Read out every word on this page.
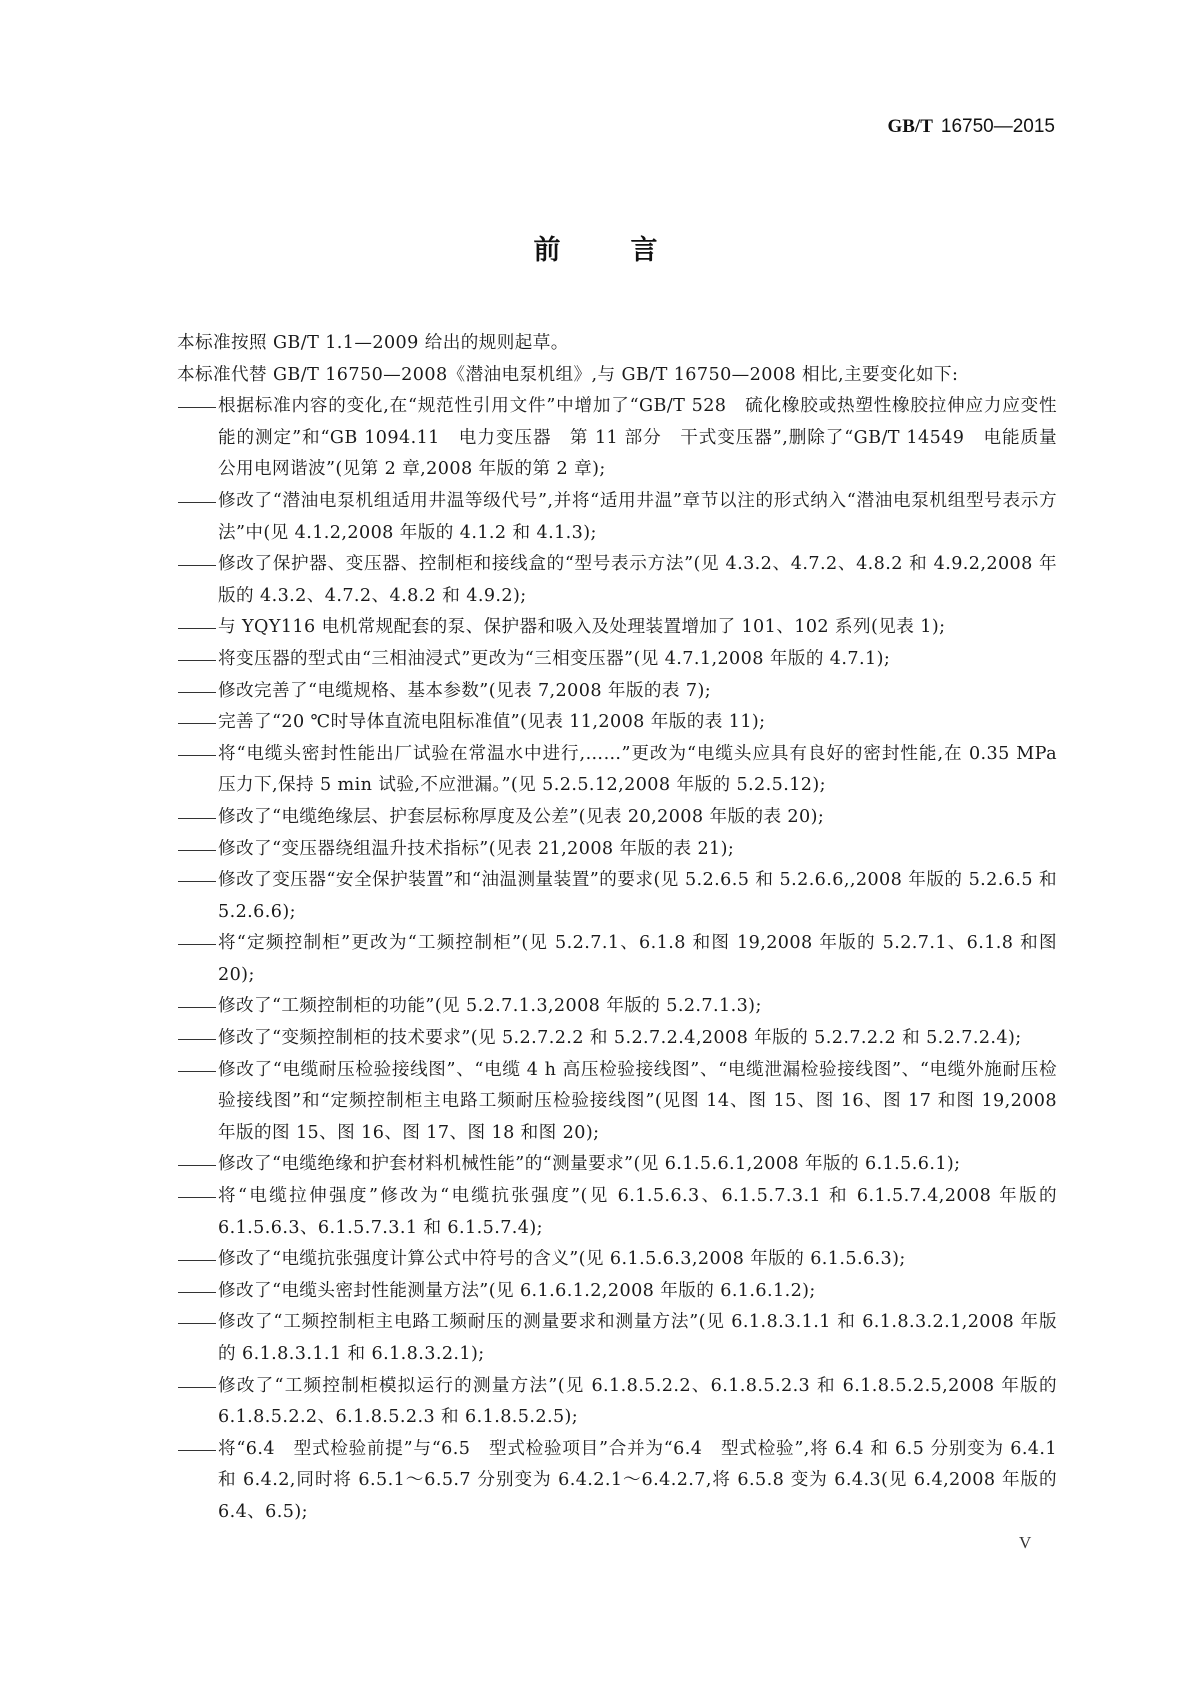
GB/T 16750—2015
前言

本标准按照 GB/T 1.1—2009 给出的规则起草。

本标准代替 GB/T 16750—2008《潜油电泵机组》,与 GB/T 16750—2008 相比,主要变化如下:

根据标准内容的变化,在“规范性引用文件”中增加了“GB/T 528　硫化橡胶或热塑性橡胶拉伸应力应变性能的测定”和“GB 1094.11　电力变压器　第 11 部分　干式变压器”,删除了“GB/T 14549　电能质量　公用电网谐波”(见第 2 章,2008 年版的第 2 章);
修改了“潜油电泵机组适用井温等级代号”,并将“适用井温”章节以注的形式纳入“潜油电泵机组型号表示方法”中(见 4.1.2,2008 年版的 4.1.2 和 4.1.3);
修改了保护器、变压器、控制柜和接线盒的“型号表示方法”(见 4.3.2、4.7.2、4.8.2 和 4.9.2,2008 年版的 4.3.2、4.7.2、4.8.2 和 4.9.2);
与 YQY116 电机常规配套的泵、保护器和吸入及处理装置增加了 101、102 系列(见表 1);
将变压器的型式由“三相油浸式”更改为“三相变压器”(见 4.7.1,2008 年版的 4.7.1);
修改完善了“电缆规格、基本参数”(见表 7,2008 年版的表 7);
完善了“20 ℃时导体直流电阻标准值”(见表 11,2008 年版的表 11);
将“电缆头密封性能出厂试验在常温水中进行,……”更改为“电缆头应具有良好的密封性能,在 0.35 MPa 压力下,保持 5 min 试验,不应泄漏。”(见 5.2.5.12,2008 年版的 5.2.5.12);
修改了“电缆绝缘层、护套层标称厚度及公差”(见表 20,2008 年版的表 20);
修改了“变压器绕组温升技术指标”(见表 21,2008 年版的表 21);
修改了变压器“安全保护装置”和“油温测量装置”的要求(见 5.2.6.5 和 5.2.6.6,,2008 年版的 5.2.6.5 和 5.2.6.6);
将“定频控制柜”更改为“工频控制柜”(见 5.2.7.1、6.1.8 和图 19,2008 年版的 5.2.7.1、6.1.8 和图 20);
修改了“工频控制柜的功能”(见 5.2.7.1.3,2008 年版的 5.2.7.1.3);
修改了“变频控制柜的技术要求”(见 5.2.7.2.2 和 5.2.7.2.4,2008 年版的 5.2.7.2.2 和 5.2.7.2.4);
修改了“电缆耐压检验接线图”、“电缆 4 h 高压检验接线图”、“电缆泄漏检验接线图”、“电缆外施耐压检验接线图”和“定频控制柜主电路工频耐压检验接线图”(见图 14、图 15、图 16、图 17 和图 19,2008 年版的图 15、图 16、图 17、图 18 和图 20);
修改了“电缆绝缘和护套材料机械性能”的“测量要求”(见 6.1.5.6.1,2008 年版的 6.1.5.6.1);
将“电缆拉伸强度”修改为“电缆抗张强度”(见 6.1.5.6.3、6.1.5.7.3.1 和 6.1.5.7.4,2008 年版的 6.1.5.6.3、6.1.5.7.3.1 和 6.1.5.7.4);
修改了“电缆抗张强度计算公式中符号的含义”(见 6.1.5.6.3,2008 年版的 6.1.5.6.3);
修改了“电缆头密封性能测量方法”(见 6.1.6.1.2,2008 年版的 6.1.6.1.2);
修改了“工频控制柜主电路工频耐压的测量要求和测量方法”(见 6.1.8.3.1.1 和 6.1.8.3.2.1,2008 年版的 6.1.8.3.1.1 和 6.1.8.3.2.1);
修改了“工频控制柜模拟运行的测量方法”(见 6.1.8.5.2.2、6.1.8.5.2.3 和 6.1.8.5.2.5,2008 年版的 6.1.8.5.2.2、6.1.8.5.2.3 和 6.1.8.5.2.5);
将“6.4　型式检验前提”与“6.5　型式检验项目”合并为“6.4　型式检验”,将 6.4 和 6.5 分别变为 6.4.1 和 6.4.2,同时将 6.5.1～6.5.7 分别变为 6.4.2.1～6.4.2.7,将 6.5.8 变为 6.4.3(见 6.4,2008 年版的 6.4、6.5);
V
